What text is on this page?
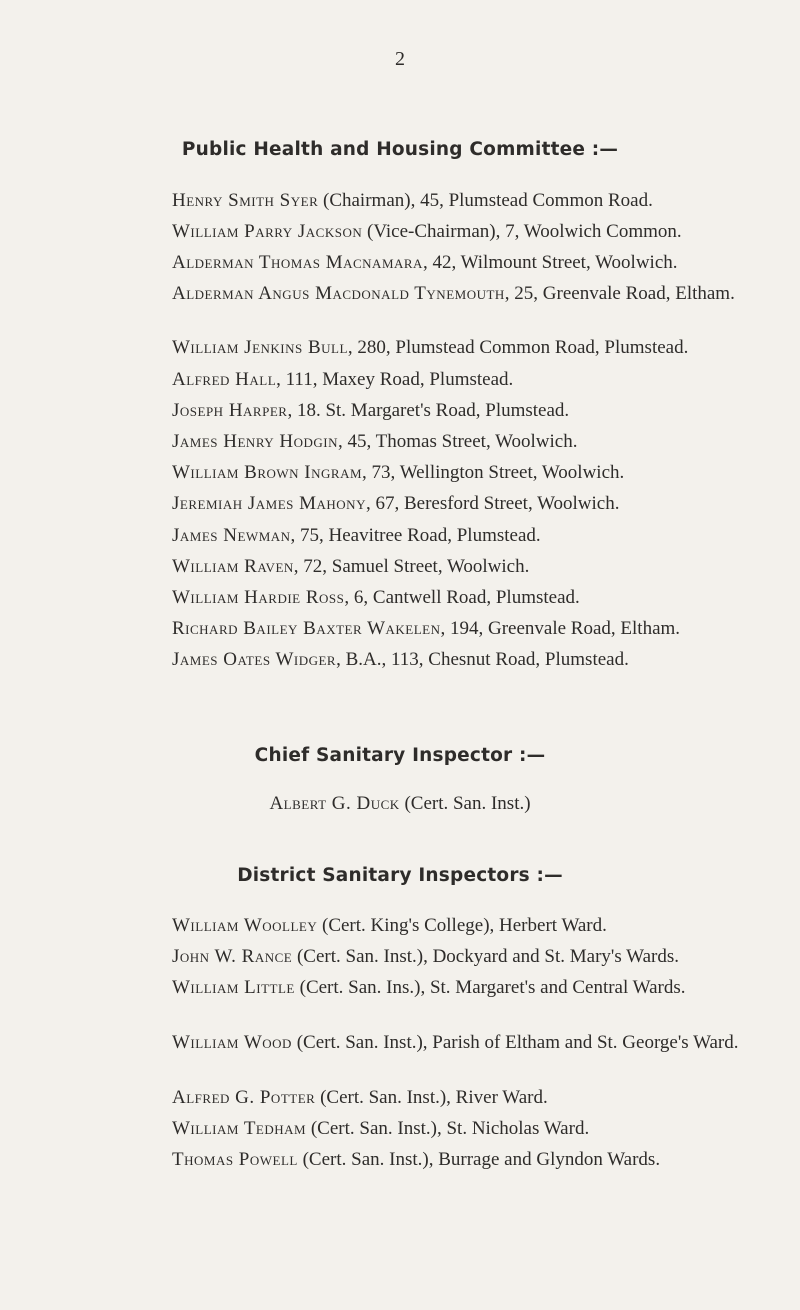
2
Public Health and Housing Committee :—
Henry Smith Syer (Chairman), 45, Plumstead Common Road.
William Parry Jackson (Vice-Chairman), 7, Woolwich Common.
Alderman Thomas Macnamara, 42, Wilmount Street, Woolwich.
Alderman Angus Macdonald Tynemouth, 25, Greenvale Road, Eltham.
William Jenkins Bull, 280, Plumstead Common Road, Plumstead.
Alfred Hall, 111, Maxey Road, Plumstead.
Joseph Harper, 18. St. Margaret's Road, Plumstead.
James Henry Hodgin, 45, Thomas Street, Woolwich.
William Brown Ingram, 73, Wellington Street, Woolwich.
Jeremiah James Mahony, 67, Beresford Street, Woolwich.
James Newman, 75, Heavitree Road, Plumstead.
William Raven, 72, Samuel Street, Woolwich.
William Hardie Ross, 6, Cantwell Road, Plumstead.
Richard Bailey Baxter Wakelen, 194, Greenvale Road, Eltham.
James Oates Widger, B.A., 113, Chesnut Road, Plumstead.
Chief Sanitary Inspector :—
Albert G. Duck (Cert. San. Inst.)
District Sanitary Inspectors :—
William Woolley (Cert. King's College), Herbert Ward.
John W. Rance (Cert. San. Inst.), Dockyard and St. Mary's Wards.
William Little (Cert. San. Ins.), St. Margaret's and Central Wards.
William Wood (Cert. San. Inst.), Parish of Eltham and St. George's Ward.
Alfred G. Potter (Cert. San. Inst.), River Ward.
William Tedham (Cert. San. Inst.), St. Nicholas Ward.
Thomas Powell (Cert. San. Inst.), Burrage and Glyndon Wards.
